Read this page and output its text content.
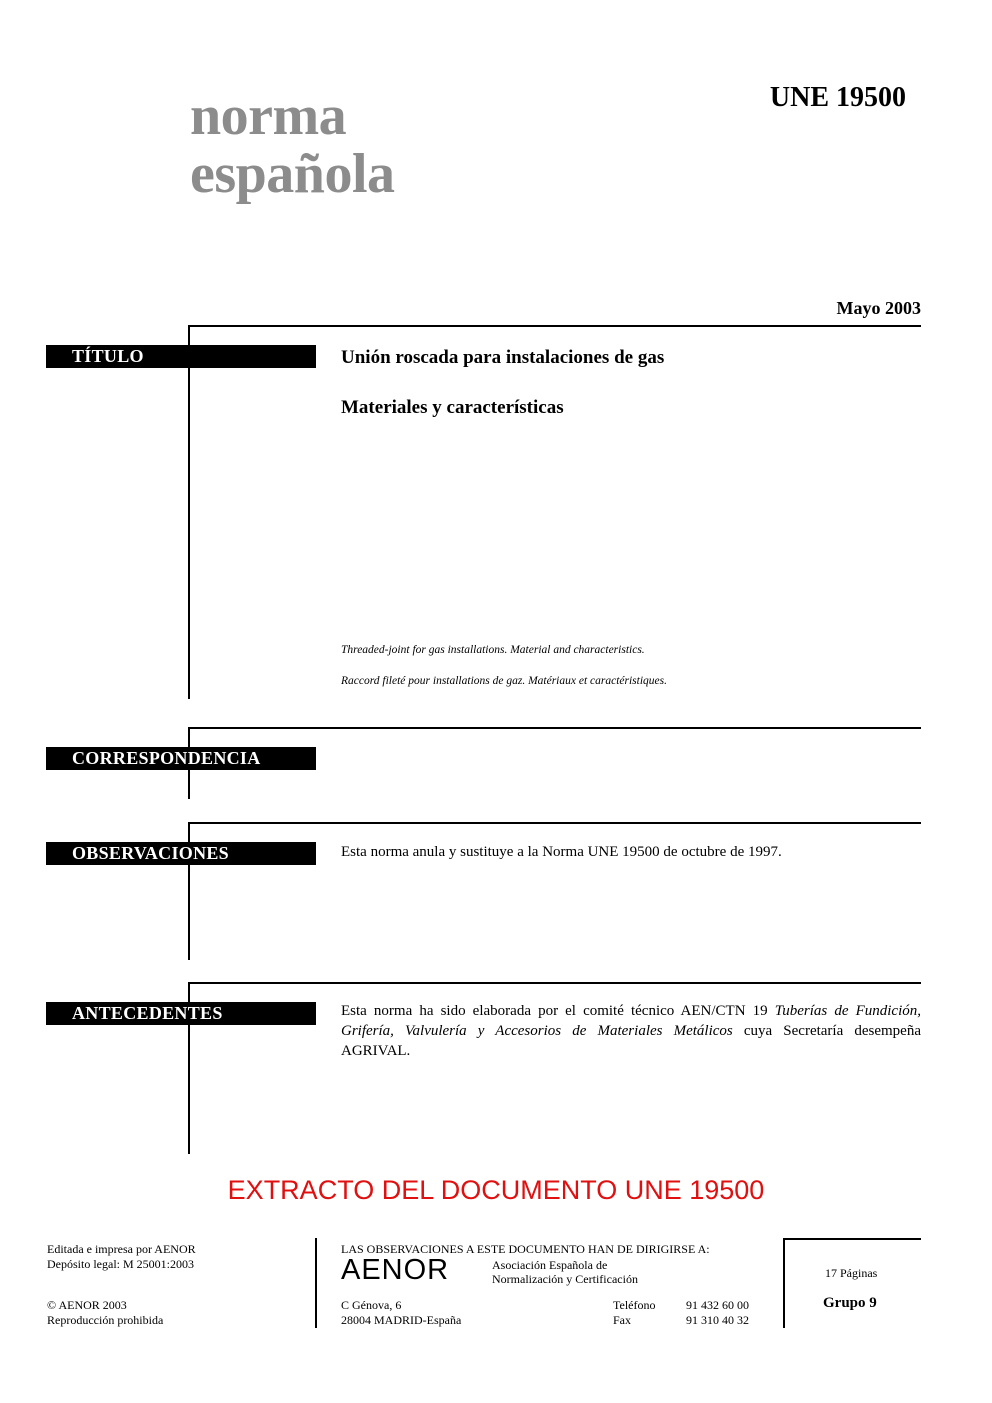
norma
española
UNE 19500
Mayo 2003
TÍTULO	Unión roscada para instalaciones de gas
Materiales y características
Threaded-joint for gas installations. Material and characteristics.
Raccord fileté pour installations de gaz. Matériaux et caractéristiques.
CORRESPONDENCIA
OBSERVACIONES	Esta norma anula y sustituye a la Norma UNE 19500 de octubre de 1997.
ANTECEDENTES	Esta norma ha sido elaborada por el comité técnico AEN/CTN 19 Tuberías de Fundición, Grifería, Valvulería y Accesorios de Materiales Metálicos cuya Secretaría desempeña AGRIVAL.
EXTRACTO DEL DOCUMENTO UNE 19500
Editada e impresa por AENOR
Depósito legal: M 25001:2003
© AENOR 2003
Reproducción prohibida
LAS OBSERVACIONES A ESTE DOCUMENTO HAN DE DIRIGIRSE A:
AENOR	Asociación Española de
Normalización y Certificación
C Génova, 6
28004 MADRID-España
Teléfono	91 432 60 00
Fax	91 310 40 32
17 Páginas
Grupo 9
